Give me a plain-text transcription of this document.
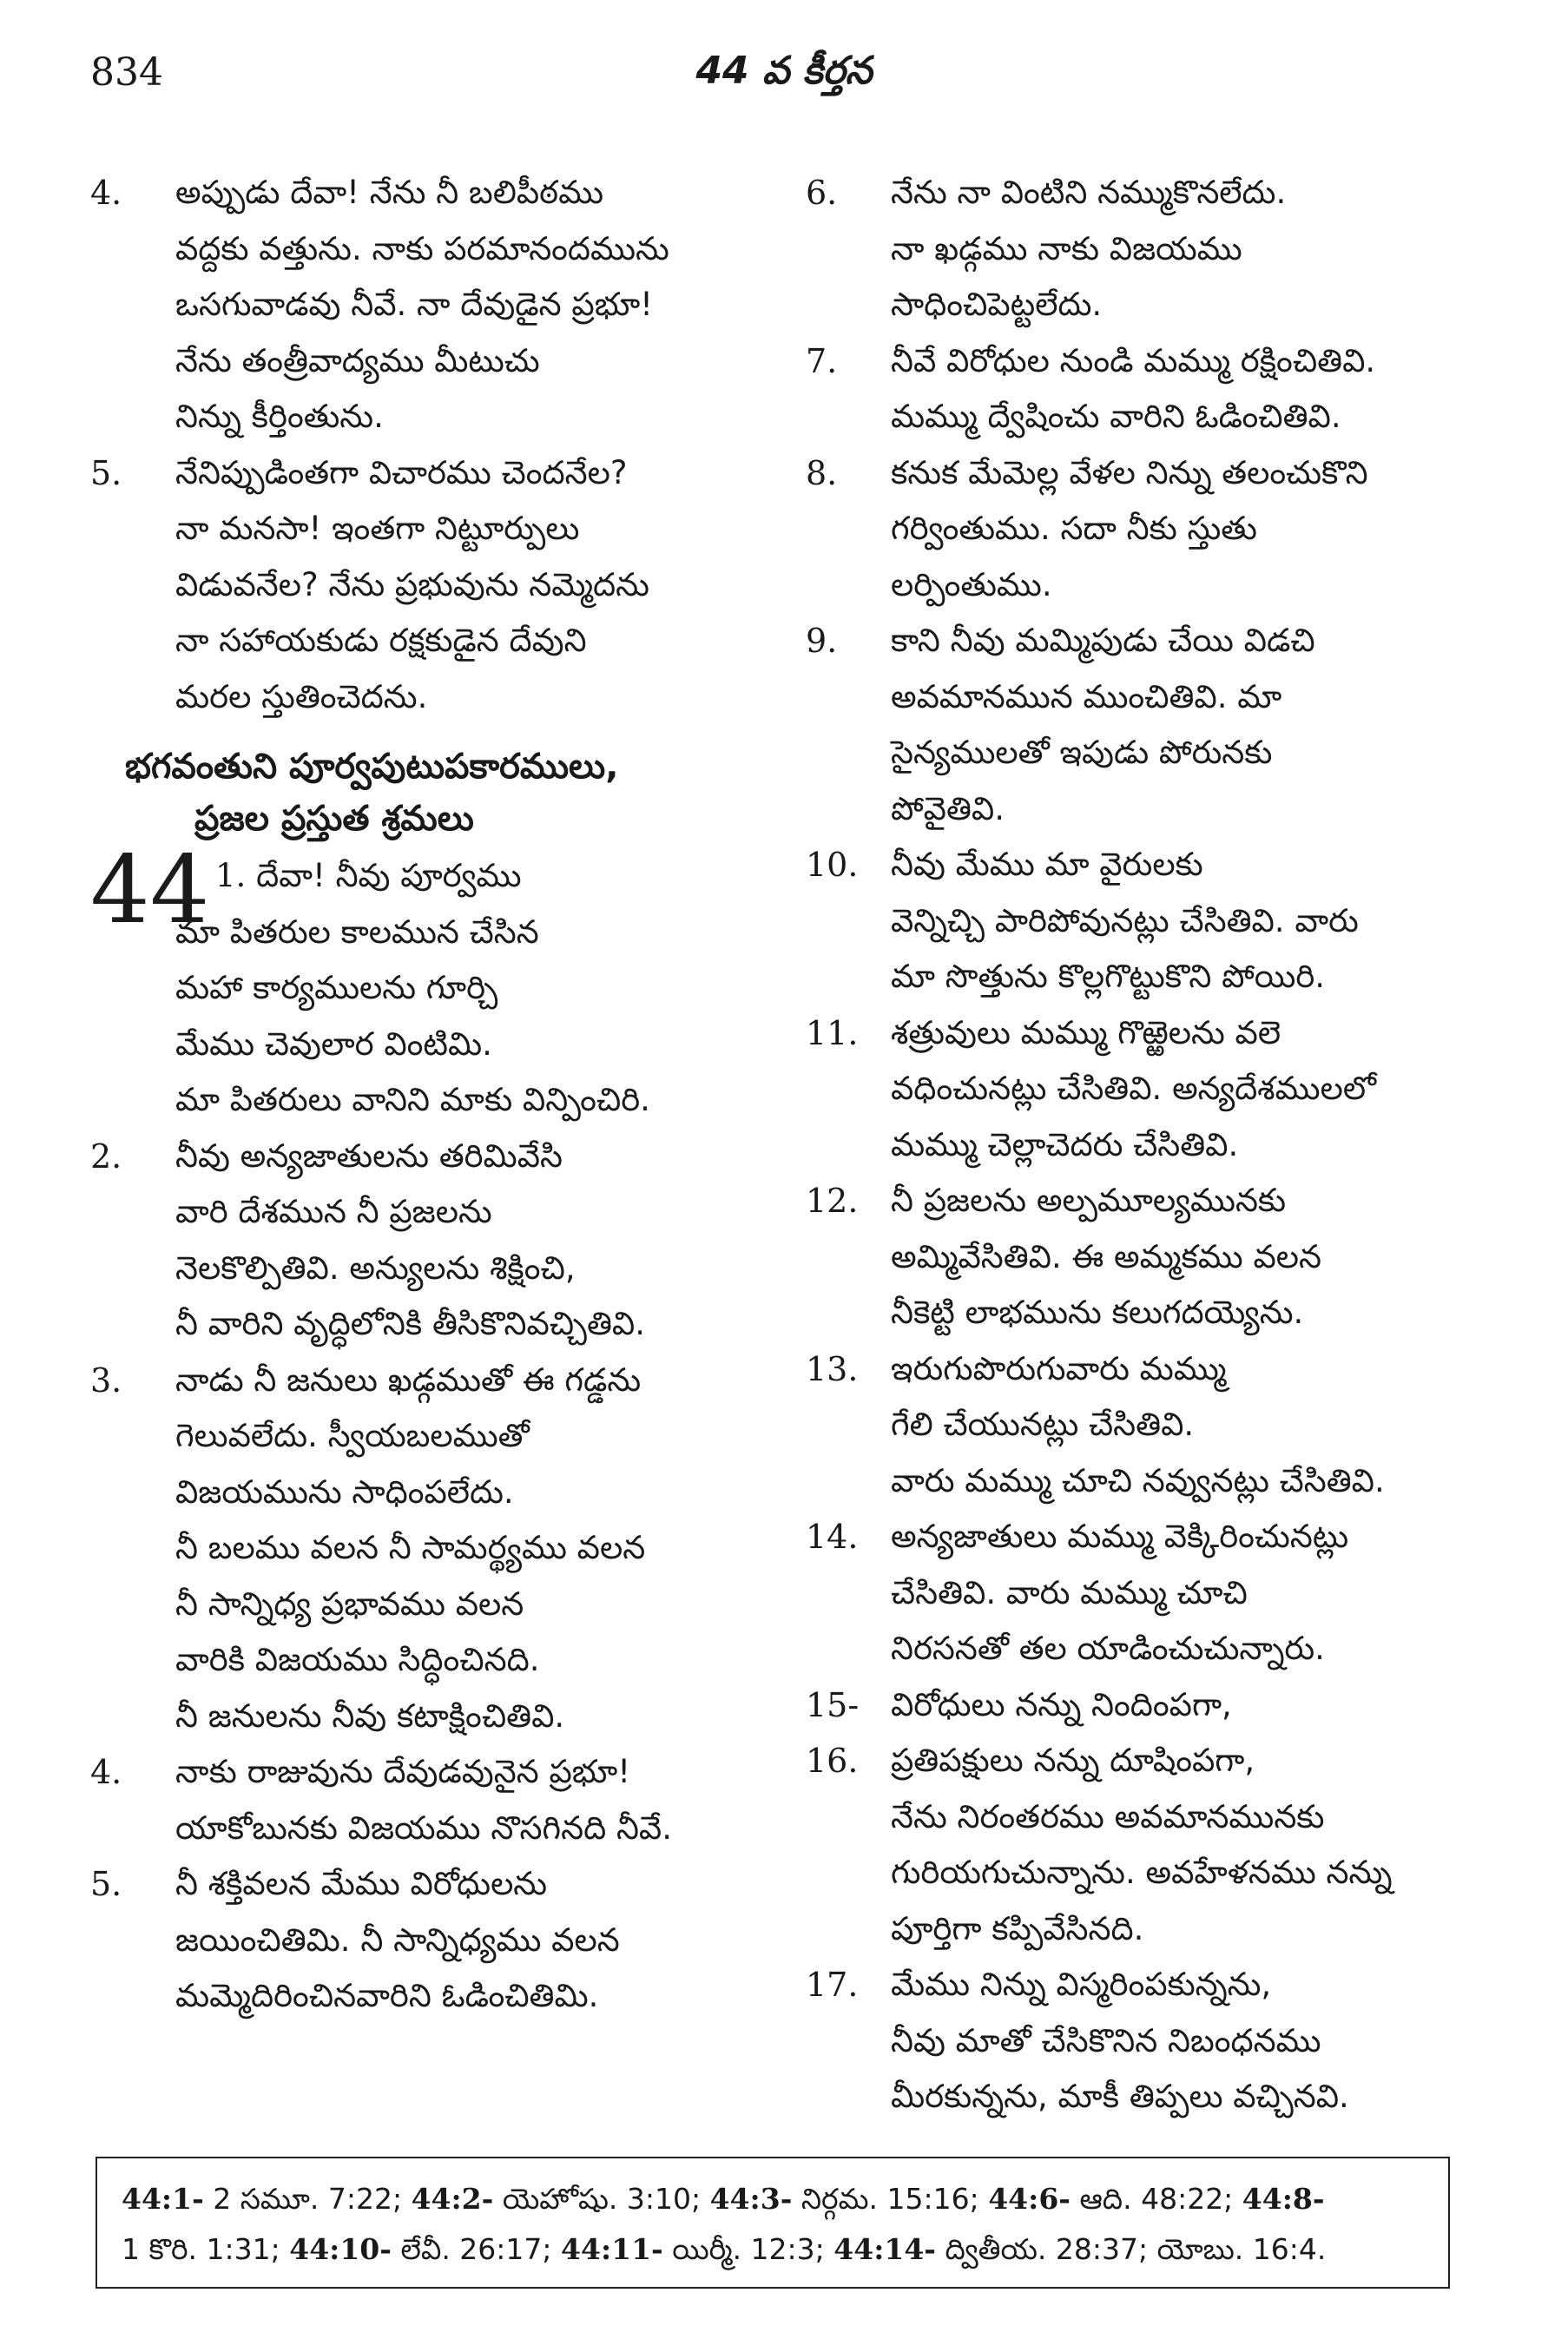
834	44 వ కీర్తన
4.	అప్పుడు దేవా! నేను నీ బలిపీఠము
వద్దకు వత్తును. నాకు పరమానందమును
ఒసగువాడవు నీవే. నా దేవుడైన ప్రభూ!
నేను తంత్రీవాద్యము మీటుచు
నిన్ను కీర్తింతును.
5.	నేనిప్పుడింతగా విచారము చెందనేల?
నా మనసా! ఇంతగా నిట్టూర్పులు
విడువనేల? నేను ప్రభువును నమ్మెదను
నా సహాయకుడు రక్షకుడైన దేవుని
మరల స్తుతించెదను.
భగవంతుని పూర్వపుటుపకారములు,
ప్రజల ప్రస్తుత శ్రమలు
44 1. దేవా! నీవు పూర్వము
మా పితరుల కాలమున చేసిన
మహా కార్యములను గూర్చి
మేము చెవులార వింటిమి.
మా పితరులు వానిని మాకు విన్పించిరి.
2.	నీవు అన్యజాతులను తరిమివేసి
వారి దేశమున నీ ప్రజలను
నెలకొల్పితివి. అన్యులను శిక్షించి,
నీ వారిని వృద్ధిలోనికి తీసికొనివచ్చితివి.
3.	నాడు నీ జనులు ఖడ్గముతో ఈ గడ్డను
గెలువలేదు. స్వీయబలముతో
విజయమును సాధింపలేదు.
నీ బలము వలన నీ సామర్థ్యము వలన
నీ సాన్నిధ్య ప్రభావము వలన
వారికి విజయము సిద్ధించినది.
నీ జనులను నీవు కటాక్షించితివి.
4.	నాకు రాజువును దేవుడవునైన ప్రభూ!
యాకోబునకు విజయము నొసగినది నీవే.
5.	నీ శక్తివలన మేము విరోధులను
జయించితిమి. నీ సాన్నిధ్యము వలన
మమ్మెదిరించినవారిని ఓడించితిమి.
6.	నేను నా వింటిని నమ్ముకొనలేదు.
నా ఖడ్గము నాకు విజయము
సాధించిపెట్టలేదు.
7.	నీవే విరోధుల నుండి మమ్ము రక్షించితివి.
మమ్ము ద్వేషించు వారిని ఓడించితివి.
8.	కనుక మేమెల్ల వేళల నిన్ను తలంచుకొని
గర్వింతుము. సదా నీకు స్తుతు
లర్పింతుము.
9.	కాని నీవు మమ్మిపుడు చేయి విడచి
అవమానమున ముంచితివి. మా
సైన్యములతో ఇపుడు పోరునకు
పోవైతివి.
10.	నీవు మేము మా వైరులకు
వెన్నిచ్చి పారిపోవునట్లు చేసితివి. వారు
మా సొత్తును కొల్లగొట్టుకొని పోయిరి.
11.	శత్రువులు మమ్ము గొఱ్ఱెలను వలె
వధించునట్లు చేసితివి. అన్యదేశములలో
మమ్ము చెల్లాచెదరు చేసితివి.
12.	నీ ప్రజలను అల్పమూల్యమునకు
అమ్మివేసితివి. ఈ అమ్మకము వలన
నీకెట్టి లాభమును కలుగదయ్యెను.
13.	ఇరుగుపొరుగువారు మమ్ము
గేలి చేయునట్లు చేసితివి.
వారు మమ్ము చూచి నవ్వునట్లు చేసితివి.
14.	అన్యజాతులు మమ్ము వెక్కిరించునట్లు
చేసితివి. వారు మమ్ము చూచి
నిరసనతో తల యాడించుచున్నారు.
15-16.
విరోధులు నన్ను నిందింపగా,
ప్రతిపక్షులు నన్ను దూషింపగా,
నేను నిరంతరము అవమానమునకు
గురియగుచున్నాను. అవహేళనము నన్ను
పూర్తిగా కప్పివేసినది.
17.	మేము నిన్ను విస్మరింపకున్నను,
నీవు మాతో చేసికొనిన నిబంధనము
మీరకున్నను, మాకీ తిప్పలు వచ్చినవి.
44:1- 2 సమూ. 7:22; 44:2- యెహోషు. 3:10; 44:3- నిర్గమ. 15:16; 44:6- ఆది. 48:22; 44:8-
1 కొరి. 1:31; 44:10- లేవీ. 26:17; 44:11- యిర్మీ. 12:3; 44:14- ద్వితీయ. 28:37; యోబు. 16:4.
